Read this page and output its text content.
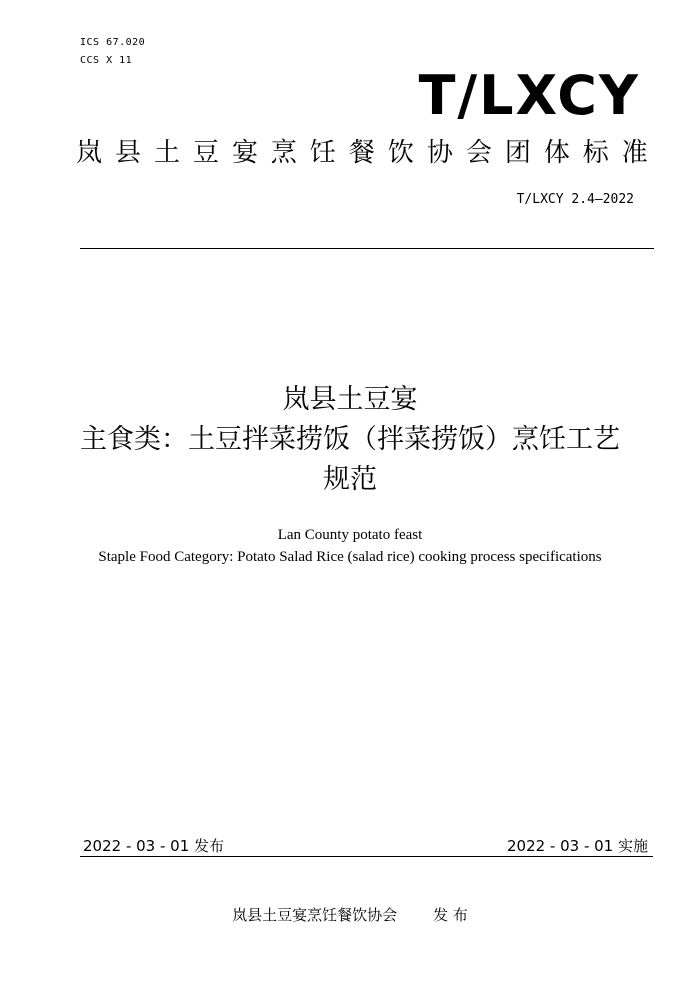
ICS 67.020
CCS X 11
T/LXCY
岚 县 土 豆 宴 烹 饪 餐 饮 协 会 团 体 标 准
T/LXCY 2.4—2022

岚县土豆宴

主食类：土豆拌菜捞饭（拌菜捞饭）烹饪工艺

规范

Lan County potato feast
Staple Food Category: Potato Salad Rice (salad rice) cooking process specifications
2022 - 03 - 01 发布	2022 - 03 - 01 实施
岚县土豆宴烹饪餐饮协会 发 布
